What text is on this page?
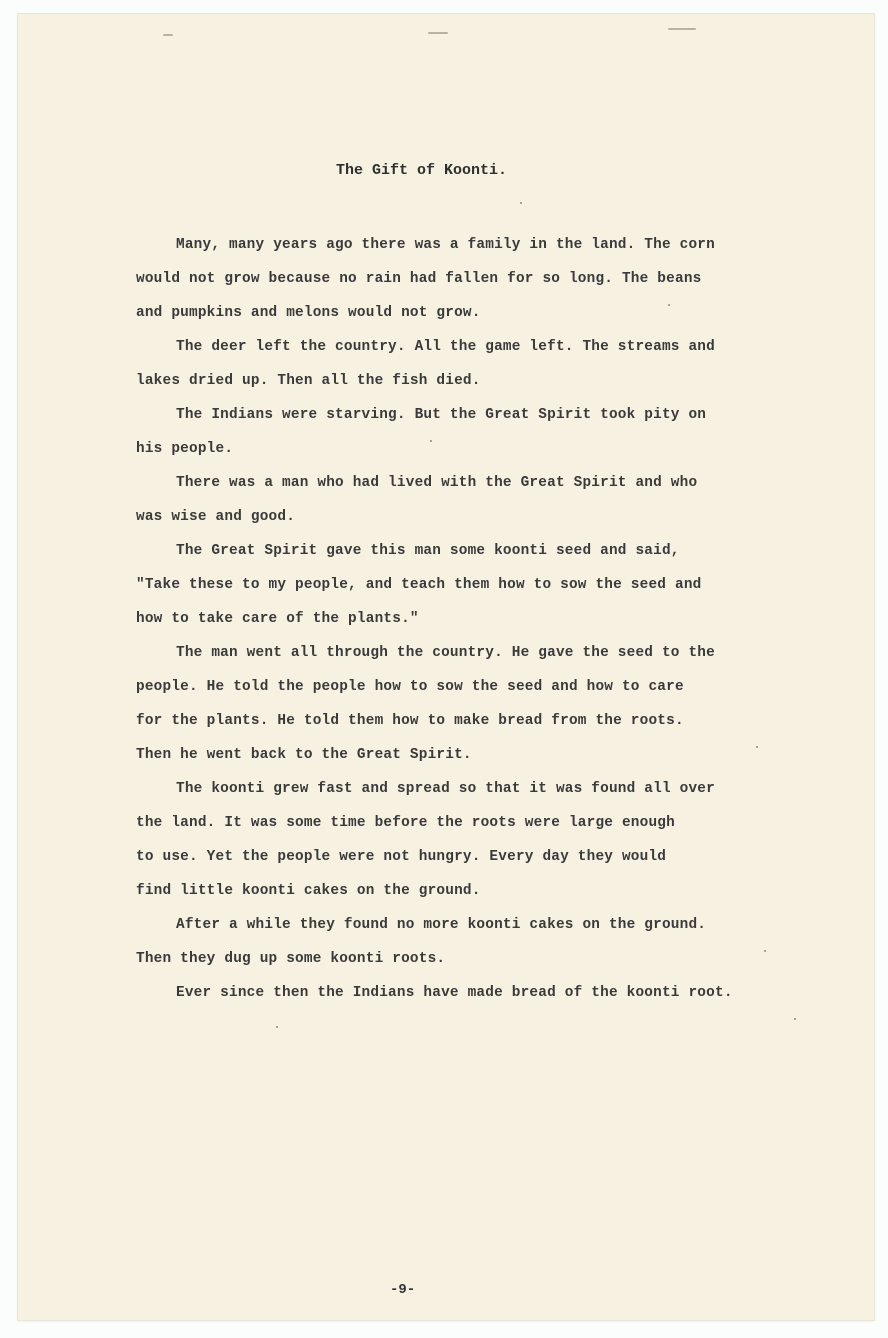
The Gift of Koonti.
Many, many years ago there was a family in the land. The corn
would not grow because no rain had fallen for so long. The beans
and pumpkins and melons would not grow.
The deer left the country. All the game left. The streams and
lakes dried up. Then all the fish died.
The Indians were starving. But the Great Spirit took pity on
his people.
There was a man who had lived with the Great Spirit and who
was wise and good.
The Great Spirit gave this man some koonti seed and said,
"Take these to my people, and teach them how to sow the seed and
how to take care of the plants."
The man went all through the country. He gave the seed to the
people. He told the people how to sow the seed and how to care
for the plants. He told them how to make bread from the roots.
Then he went back to the Great Spirit.
The koonti grew fast and spread so that it was found all over
the land. It was some time before the roots were large enough
to use. Yet the people were not hungry. Every day they would
find little koonti cakes on the ground.
After a while they found no more koonti cakes on the ground.
Then they dug up some koonti roots.
Ever since then the Indians have made bread of the koonti root.

-9-
